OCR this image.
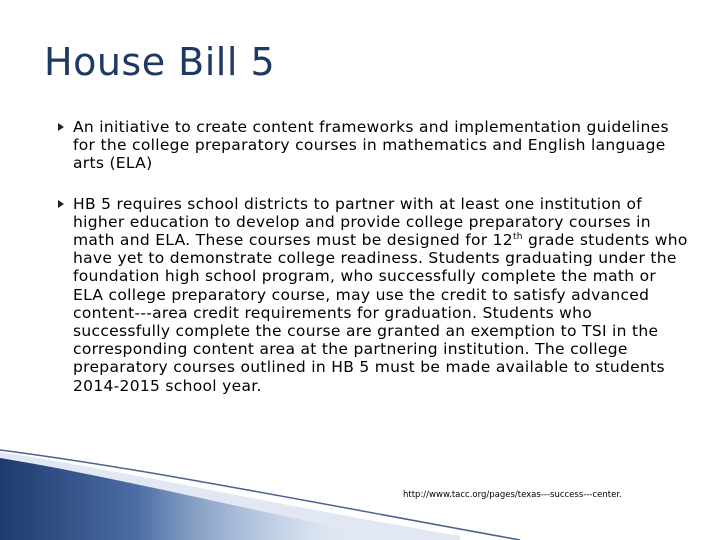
House Bill 5
An initiative to create content frameworks and implementation guidelines for the college preparatory courses in mathematics and English language arts (ELA)
HB 5 requires school districts to partner with at least one institution of higher education to develop and provide college preparatory courses in math and ELA. These courses must be designed for 12th grade students who have yet to demonstrate college readiness. Students graduating under the foundation high school program, who successfully complete the math or ELA college preparatory course, may use the credit to satisfy advanced content-‐-area credit requirements for graduation. Students who successfully complete the course are granted an exemption to TSI in the corresponding content area at the partnering institution. The college preparatory courses outlined in HB 5 must be made available to students 2014-2015 school year.
http://www.tacc.org/pages/texas-‐-success-‐-center.
